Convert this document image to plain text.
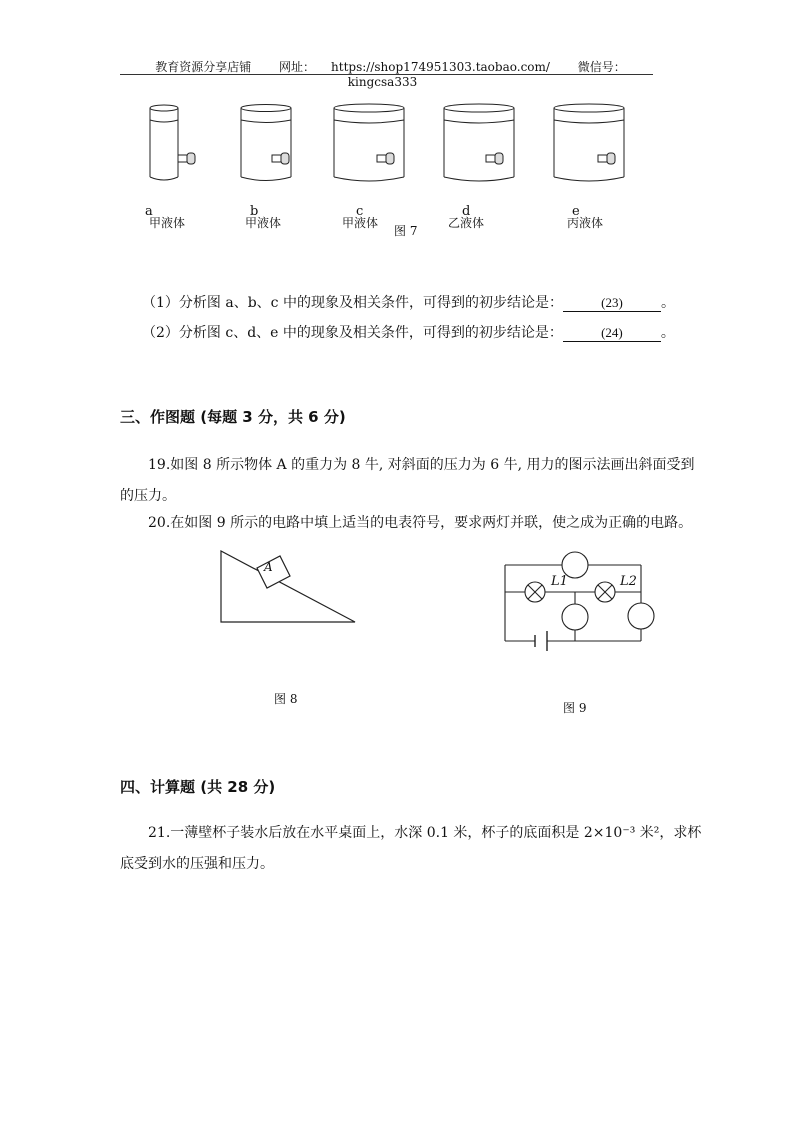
教育资源分享店铺 网址： https://shop174951303.taobao.com/ 微信号：kingcsa333
a	b	c	d	e
甲液体	甲液体	甲液体	乙液体	丙液体
图 7
（1）分析图 a、b、c 中的现象及相关条件，可得到的初步结论是：	(23)	。
（2）分析图 c、d、e 中的现象及相关条件，可得到的初步结论是：	(24)	。
三、作图题 (每题 3 分，共 6 分)
19.如图 8 所示物体 A 的重力为 8 牛, 对斜面的压力为 6 牛, 用力的图示法画出斜面受到
的压力。
20.在如图 9 所示的电路中填上适当的电表符号，要求两灯并联，使之成为正确的电路。
A
图 8
L1	L2
图 9
四、计算题 (共 28 分)
21.一薄壁杯子装水后放在水平桌面上，水深 0.1 米，杯子的底面积是 2×10⁻³ 米²，求杯
底受到水的压强和压力。
